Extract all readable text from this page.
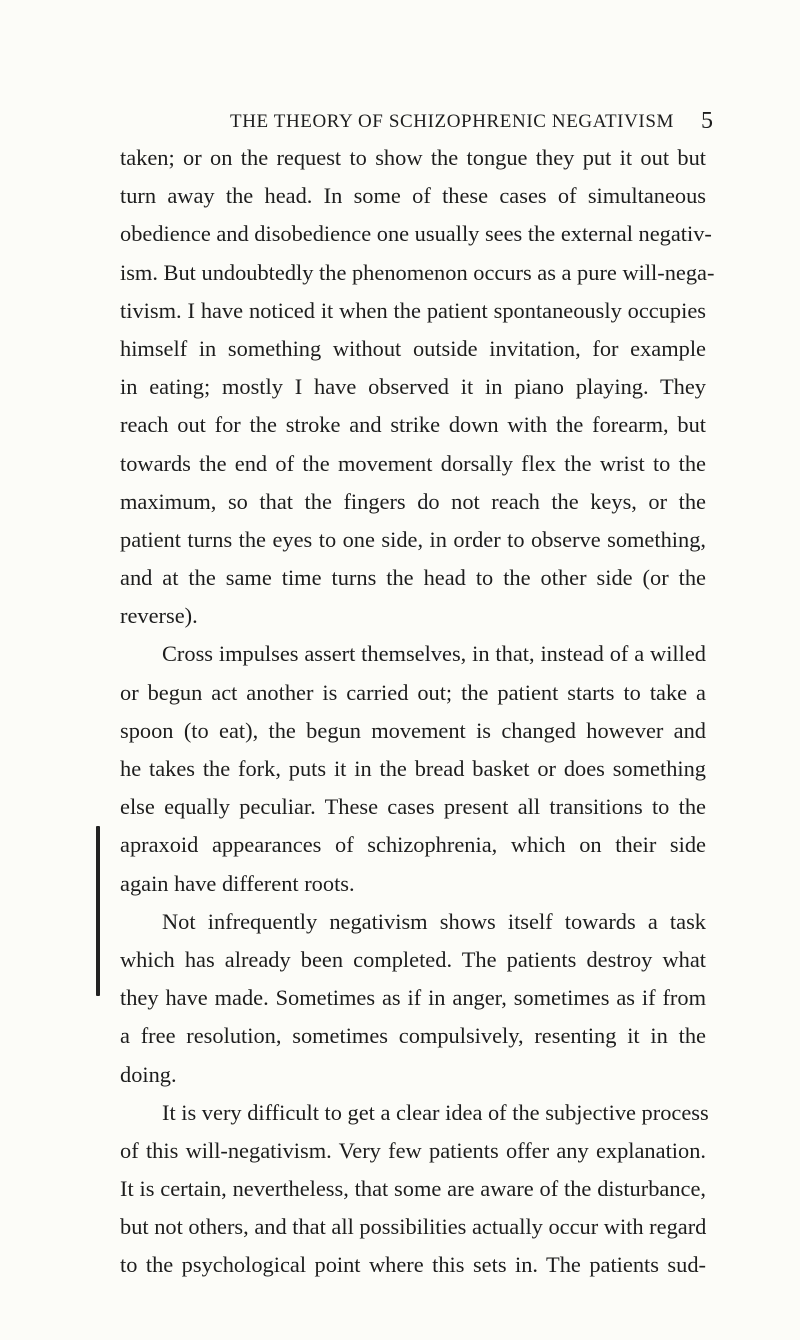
THE THEORY OF SCHIZOPHRENIC NEGATIVISM 5
taken; or on the request to show the tongue they put it out but
turn away the head. In some of these cases of simultaneous
obedience and disobedience one usually sees the external negativ-
ism. But undoubtedly the phenomenon occurs as a pure will-nega-
tivism. I have noticed it when the patient spontaneously occupies
himself in something without outside invitation, for example
in eating; mostly I have observed it in piano playing. They
reach out for the stroke and strike down with the forearm, but
towards the end of the movement dorsally flex the wrist to the
maximum, so that the fingers do not reach the keys, or the
patient turns the eyes to one side, in order to observe something,
and at the same time turns the head to the other side (or the
reverse).
Cross impulses assert themselves, in that, instead of a willed
or begun act another is carried out; the patient starts to take a
spoon (to eat), the begun movement is changed however and
he takes the fork, puts it in the bread basket or does something
else equally peculiar. These cases present all transitions to the
apraxoid appearances of schizophrenia, which on their side
again have different roots.
Not infrequently negativism shows itself towards a task
which has already been completed. The patients destroy what
they have made. Sometimes as if in anger, sometimes as if from
a free resolution, sometimes compulsively, resenting it in the
doing.
It is very difficult to get a clear idea of the subjective process
of this will-negativism. Very few patients offer any explanation.
It is certain, nevertheless, that some are aware of the disturbance,
but not others, and that all possibilities actually occur with regard
to the psychological point where this sets in. The patients sud-
